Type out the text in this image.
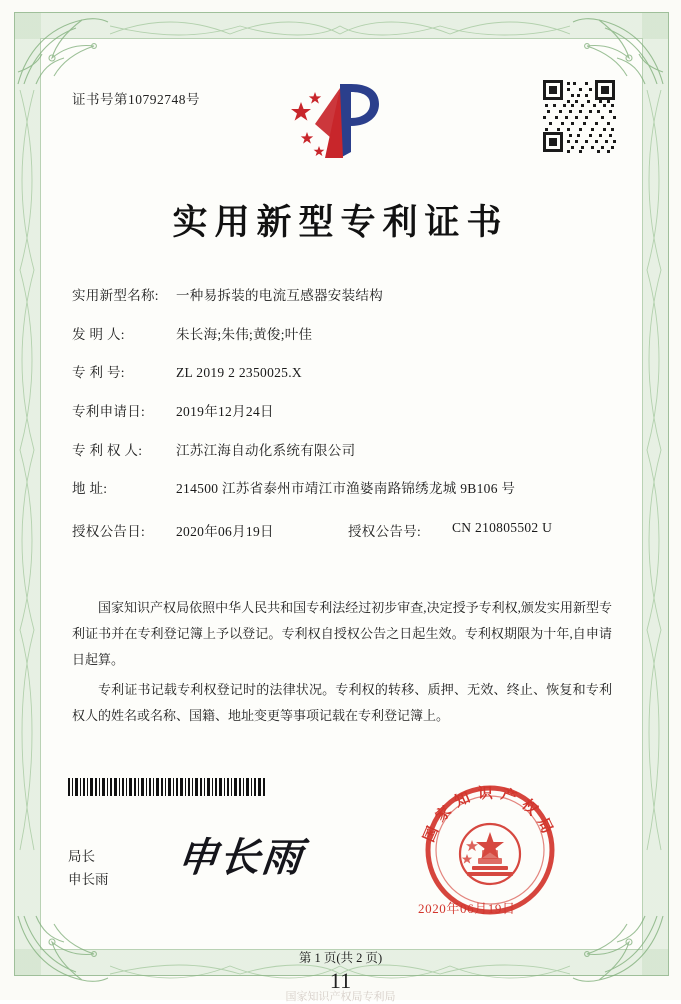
证书号第10792748号
实用新型专利证书
实用新型名称:	一种易拆装的电流互感器安装结构
发 明 人:	朱长海;朱伟;黄俊;叶佳
专 利 号:	ZL 2019 2 2350025.X
专利申请日:	2019年12月24日
专 利 权 人:	江苏江海自动化系统有限公司
地 址:	214500 江苏省泰州市靖江市渔婆南路锦绣龙城 9B106 号
授权公告日:	2020年06月19日	授权公告号:	CN 210805502 U

国家知识产权局依照中华人民共和国专利法经过初步审查,决定授予专利权,颁发实用新型专利证书并在专利登记簿上予以登记。专利权自授权公告之日起生效。专利权期限为十年,自申请日起算。

专利证书记载专利权登记时的法律状况。专利权的转移、质押、无效、终止、恢复和专利权人的姓名或名称、国籍、地址变更等事项记载在专利登记簿上。

局长
申长雨 申长雨
国家知识产权局
2020年06月19日
第 1 页(共 2 页)
11
国家知识产权局专利局
